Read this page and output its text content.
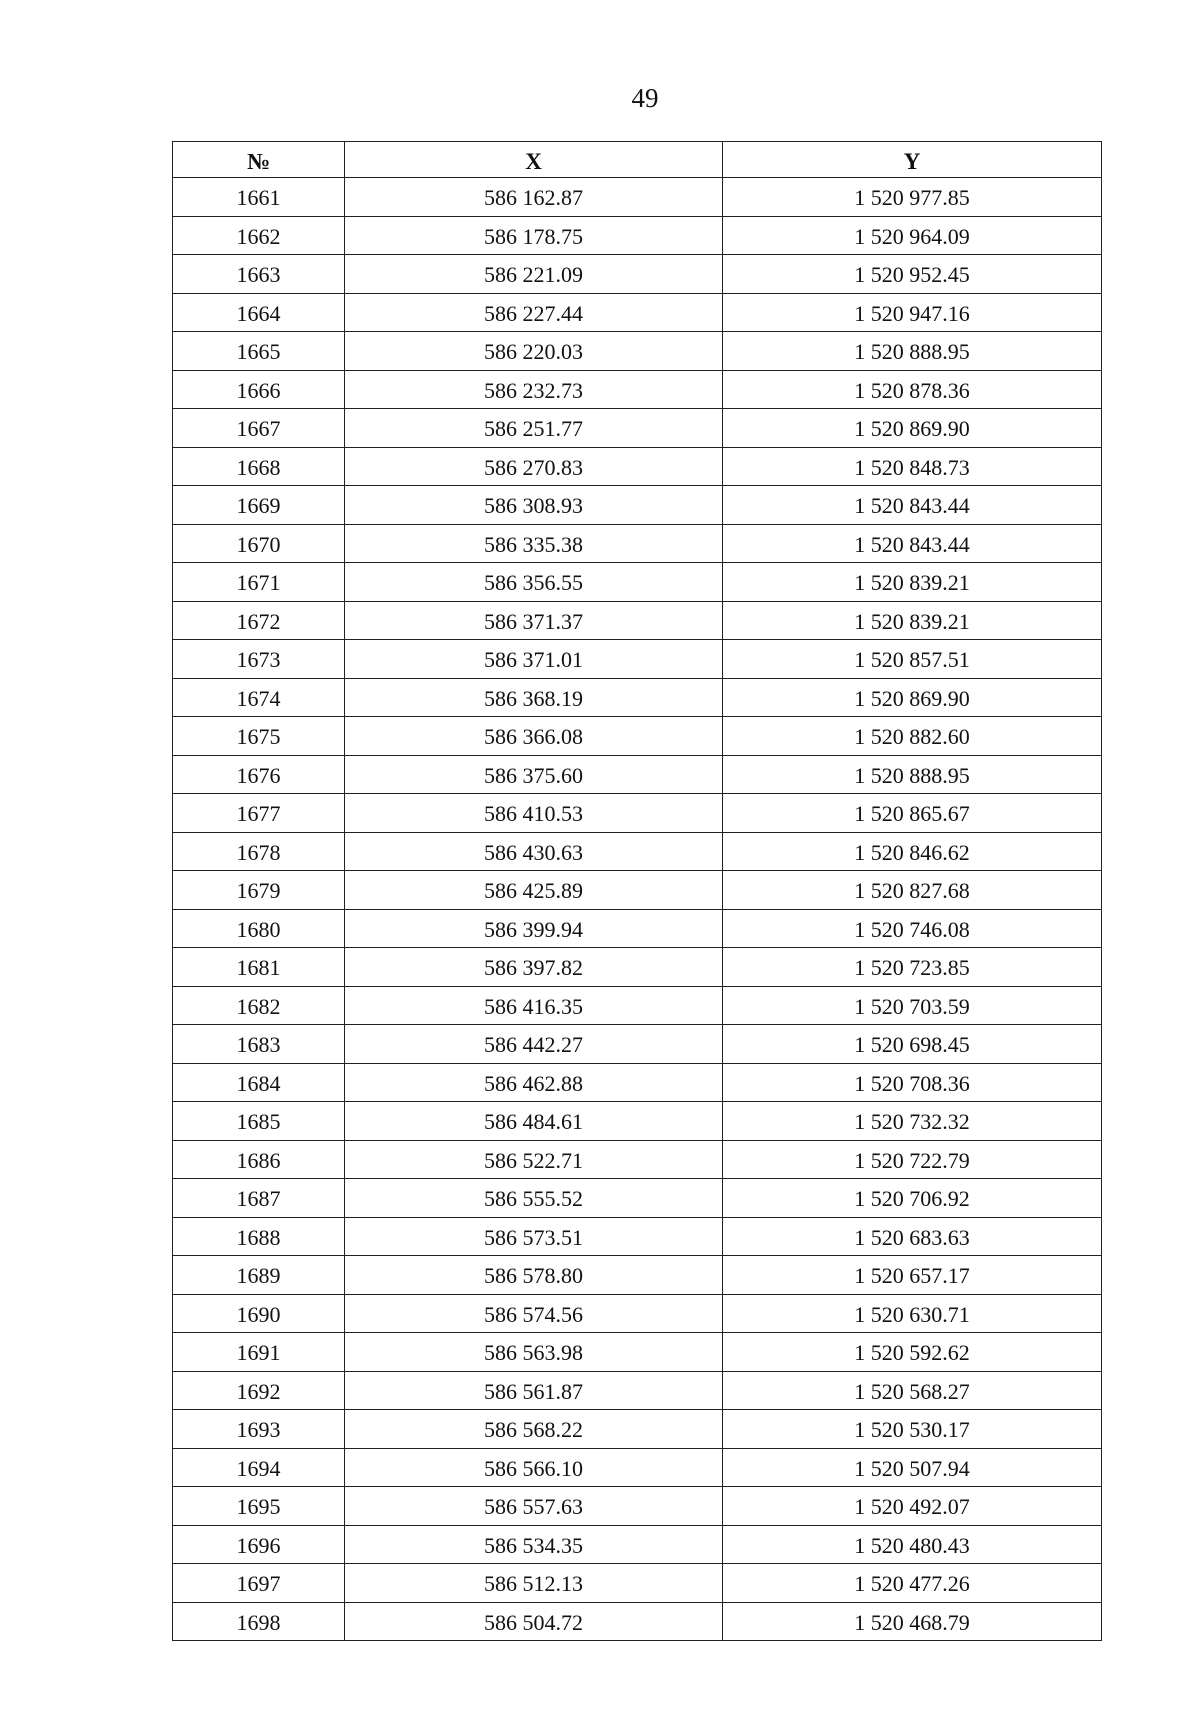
49
№	X	Y
1661	586 162.87	1 520 977.85
1662	586 178.75	1 520 964.09
1663	586 221.09	1 520 952.45
1664	586 227.44	1 520 947.16
1665	586 220.03	1 520 888.95
1666	586 232.73	1 520 878.36
1667	586 251.77	1 520 869.90
1668	586 270.83	1 520 848.73
1669	586 308.93	1 520 843.44
1670	586 335.38	1 520 843.44
1671	586 356.55	1 520 839.21
1672	586 371.37	1 520 839.21
1673	586 371.01	1 520 857.51
1674	586 368.19	1 520 869.90
1675	586 366.08	1 520 882.60
1676	586 375.60	1 520 888.95
1677	586 410.53	1 520 865.67
1678	586 430.63	1 520 846.62
1679	586 425.89	1 520 827.68
1680	586 399.94	1 520 746.08
1681	586 397.82	1 520 723.85
1682	586 416.35	1 520 703.59
1683	586 442.27	1 520 698.45
1684	586 462.88	1 520 708.36
1685	586 484.61	1 520 732.32
1686	586 522.71	1 520 722.79
1687	586 555.52	1 520 706.92
1688	586 573.51	1 520 683.63
1689	586 578.80	1 520 657.17
1690	586 574.56	1 520 630.71
1691	586 563.98	1 520 592.62
1692	586 561.87	1 520 568.27
1693	586 568.22	1 520 530.17
1694	586 566.10	1 520 507.94
1695	586 557.63	1 520 492.07
1696	586 534.35	1 520 480.43
1697	586 512.13	1 520 477.26
1698	586 504.72	1 520 468.79
